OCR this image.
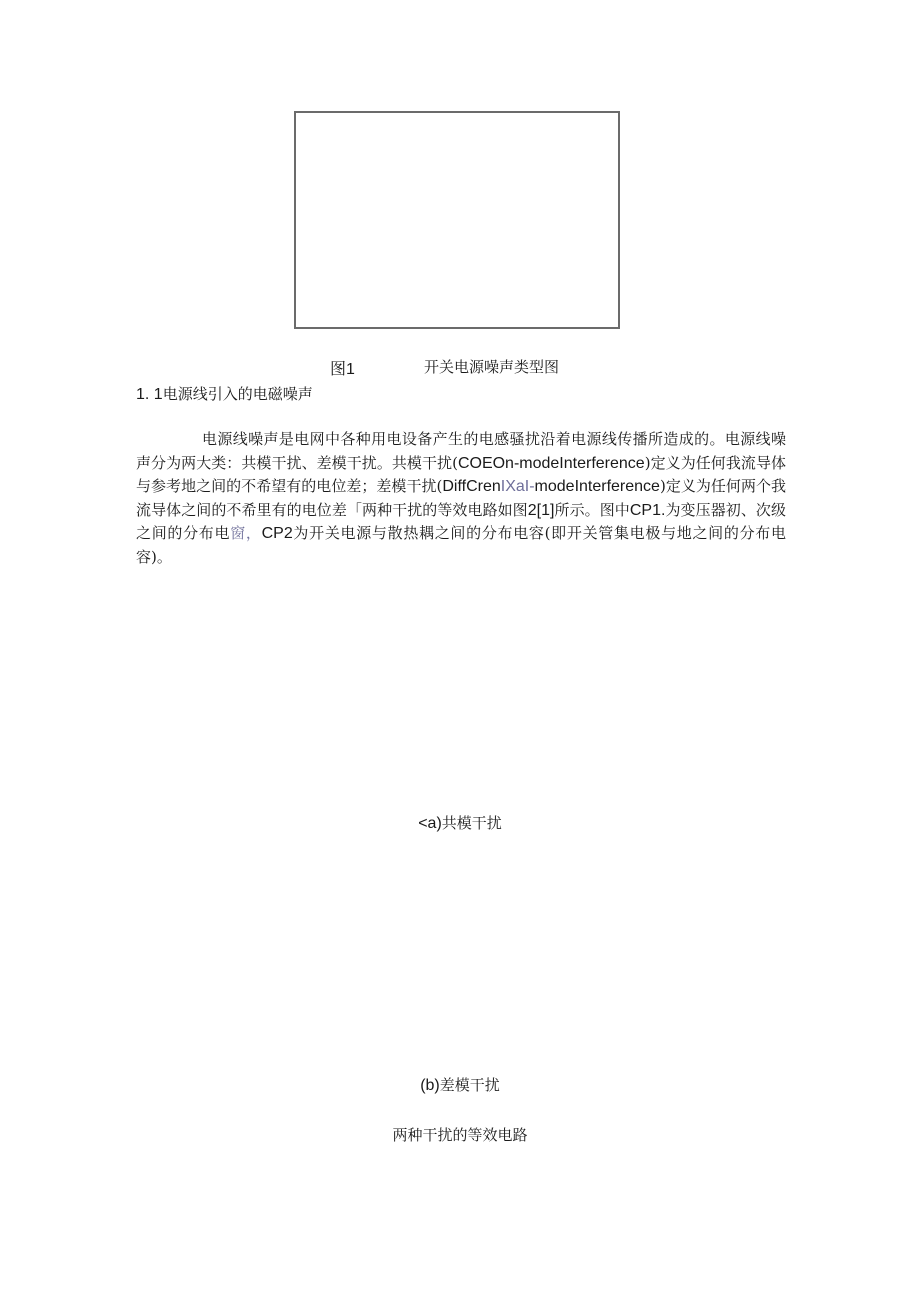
图1	开关电源噪声类型图
1. 1电源线引入的电磁噪声
电源线噪声是电网中各种用电设备产生的电感骚扰沿着电源线传播所造成的。电源线噪声分为两大类：共模干扰、差模干扰。共模干扰(COEOn-modeInterference)定义为任何我流导体与参考地之间的不希望有的电位差；差模干扰(DiffCrenIXaI-modeInterference)定义为任何两个我流导体之间的不希里有的电位差「两种干扰的等效电路如图2[1]所示。图中CP1.为变压器初、次级之间的分布电窗，CP2为开关电源与散热耦之间的分布电容(即开关管集电极与地之间的分布电容)。
<a)共模干扰
(b)差模干扰
两种干扰的等效电路
